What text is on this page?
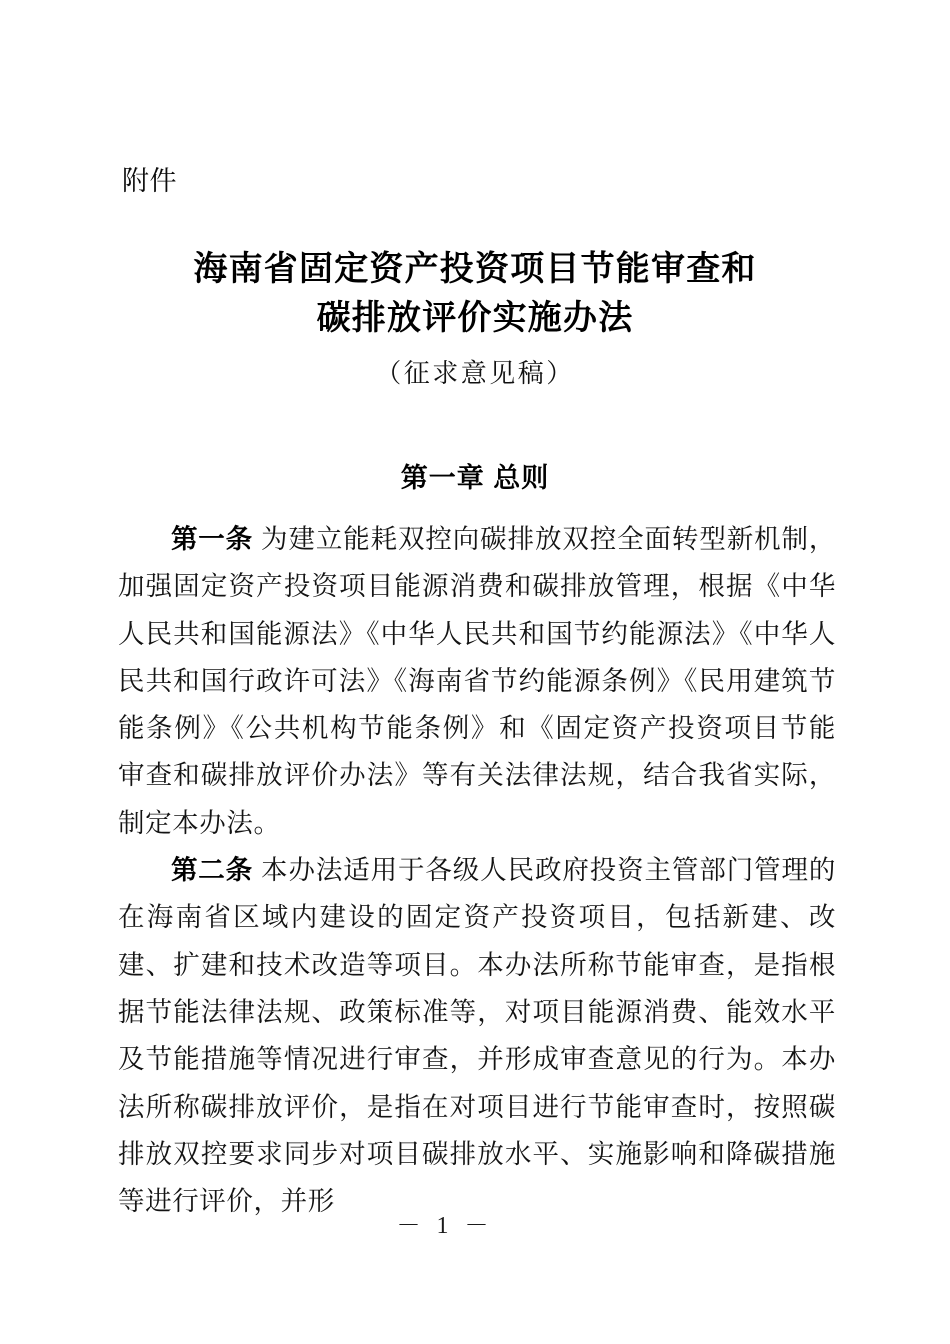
附件
海南省固定资产投资项目节能审查和
碳排放评价实施办法
（征求意见稿）
第一章 总则

第一条 为建立能耗双控向碳排放双控全面转型新机制，加强固定资产投资项目能源消费和碳排放管理，根据《中华人民共和国能源法》《中华人民共和国节约能源法》《中华人民共和国行政许可法》《海南省节约能源条例》《民用建筑节能条例》《公共机构节能条例》和《固定资产投资项目节能审查和碳排放评价办法》等有关法律法规，结合我省实际，制定本办法。

第二条 本办法适用于各级人民政府投资主管部门管理的在海南省区域内建设的固定资产投资项目，包括新建、改建、扩建和技术改造等项目。本办法所称节能审查，是指根据节能法律法规、政策标准等，对项目能源消费、能效水平及节能措施等情况进行审查，并形成审查意见的行为。本办法所称碳排放评价，是指在对项目进行节能审查时，按照碳排放双控要求同步对项目碳排放水平、实施影响和降碳措施等进行评价，并形

－ 1 －
